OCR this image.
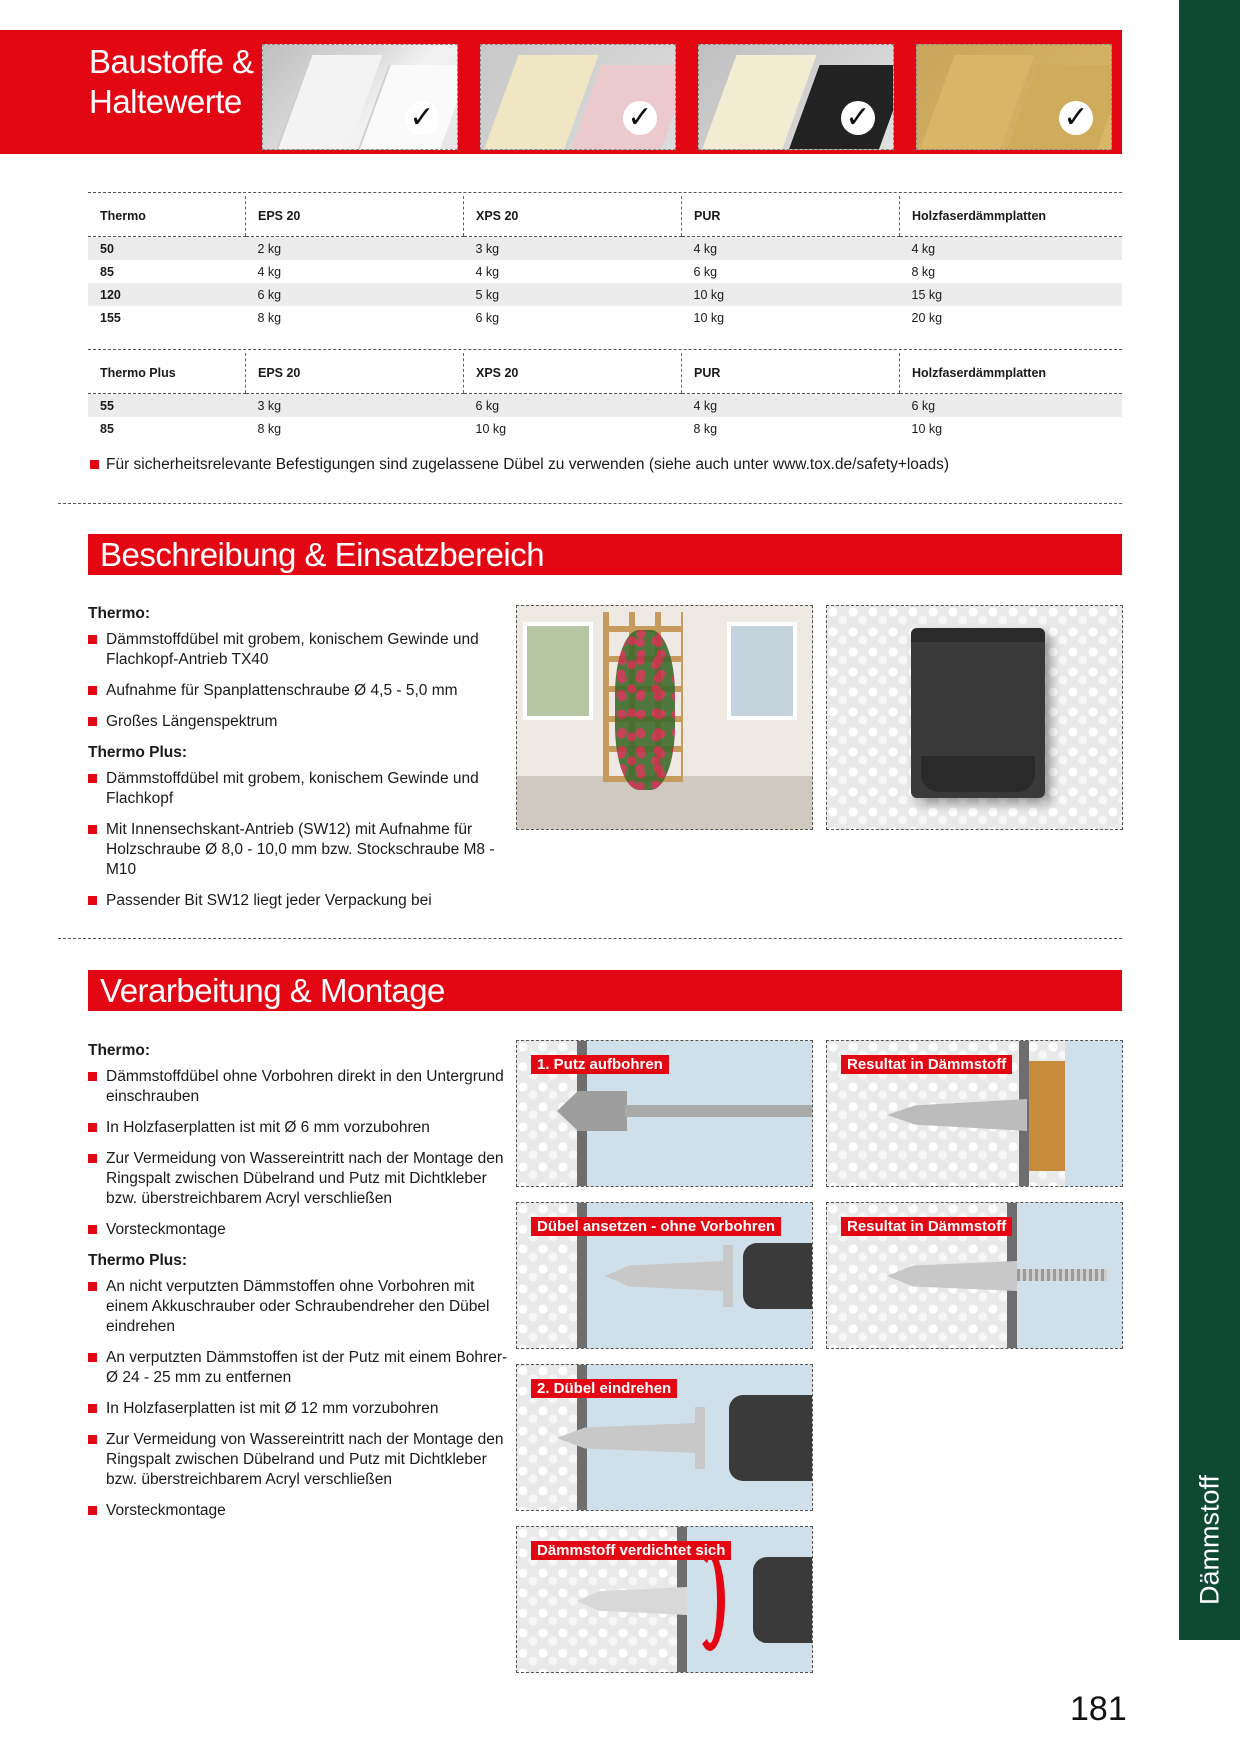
Dämmstoff
Baustoffe &
Haltewerte	✓	✓	✓	✓
Thermo	EPS 20	XPS 20	PUR	Holzfaserdämmplatten
50	2 kg	3 kg	4 kg	4 kg
85	4 kg	4 kg	6 kg	8 kg
120	6 kg	5 kg	10 kg	15 kg
155	8 kg	6 kg	10 kg	20 kg
Thermo Plus	EPS 20	XPS 20	PUR	Holzfaserdämmplatten
55	3 kg	6 kg	4 kg	6 kg
85	8 kg	10 kg	8 kg	10 kg
Für sicherheitsrelevante Befestigungen sind zugelassene Dübel zu verwenden (siehe auch unter www.tox.de/safety+loads)
Beschreibung & Einsatzbereich
Thermo:
Dämmstoffdübel mit grobem, konischem Gewinde und Flachkopf-Antrieb TX40
Aufnahme für Spanplattenschraube Ø 4,5 - 5,0 mm
Großes Längenspektrum
Thermo Plus:
Dämmstoffdübel mit grobem, konischem Gewinde und Flachkopf
Mit Innensechskant-Antrieb (SW12) mit Aufnahme für Holzschraube Ø 8,0 - 10,0 mm bzw. Stockschraube M8 - M10
Passender Bit SW12 liegt jeder Verpackung bei
Verarbeitung & Montage
Thermo:
Dämmstoffdübel ohne Vorbohren direkt in den Untergrund einschrauben
In Holzfaserplatten ist mit Ø 6 mm vorzubohren
Zur Vermeidung von Wassereintritt nach der Montage den Ringspalt zwischen Dübelrand und Putz mit Dichtkleber bzw. überstreichbarem Acryl verschließen
Vorsteckmontage
Thermo Plus:
An nicht verputzten Dämmstoffen ohne Vorbohren mit einem Akkuschrauber oder Schraubendreher den Dübel eindrehen
An verputzten Dämmstoffen ist der Putz mit einem Bohrer-Ø 24 - 25 mm zu entfernen
In Holzfaserplatten ist mit Ø 12 mm vorzubohren
Zur Vermeidung von Wassereintritt nach der Montage den Ringspalt zwischen Dübelrand und Putz mit Dichtkleber bzw. überstreichbarem Acryl verschließen
Vorsteckmontage
1. Putz aufbohren	Resultat in Dämmstoff
Dübel ansetzen - ohne Vorbohren	Resultat in Dämmstoff
2. Dübel eindrehen
Dämmstoff verdichtet sich
181
